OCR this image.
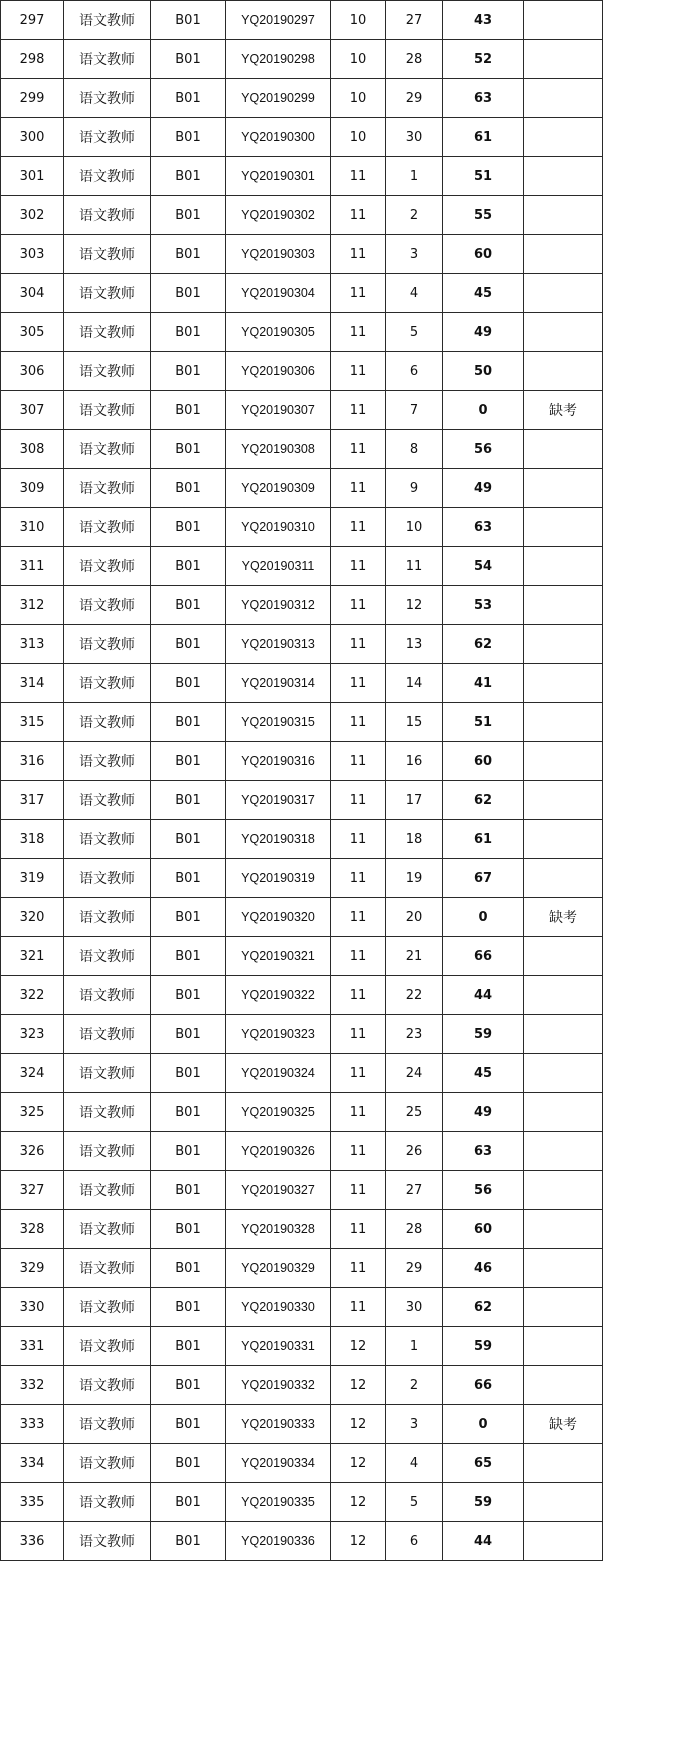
297	语文教师	B01	YQ20190297	10	27	43	
298	语文教师	B01	YQ20190298	10	28	52	
299	语文教师	B01	YQ20190299	10	29	63	
300	语文教师	B01	YQ20190300	10	30	61	
301	语文教师	B01	YQ20190301	11	1	51	
302	语文教师	B01	YQ20190302	11	2	55	
303	语文教师	B01	YQ20190303	11	3	60	
304	语文教师	B01	YQ20190304	11	4	45	
305	语文教师	B01	YQ20190305	11	5	49	
306	语文教师	B01	YQ20190306	11	6	50	
307	语文教师	B01	YQ20190307	11	7	0	缺考
308	语文教师	B01	YQ20190308	11	8	56	
309	语文教师	B01	YQ20190309	11	9	49	
310	语文教师	B01	YQ20190310	11	10	63	
311	语文教师	B01	YQ20190311	11	11	54	
312	语文教师	B01	YQ20190312	11	12	53	
313	语文教师	B01	YQ20190313	11	13	62	
314	语文教师	B01	YQ20190314	11	14	41	
315	语文教师	B01	YQ20190315	11	15	51	
316	语文教师	B01	YQ20190316	11	16	60	
317	语文教师	B01	YQ20190317	11	17	62	
318	语文教师	B01	YQ20190318	11	18	61	
319	语文教师	B01	YQ20190319	11	19	67	
320	语文教师	B01	YQ20190320	11	20	0	缺考
321	语文教师	B01	YQ20190321	11	21	66	
322	语文教师	B01	YQ20190322	11	22	44	
323	语文教师	B01	YQ20190323	11	23	59	
324	语文教师	B01	YQ20190324	11	24	45	
325	语文教师	B01	YQ20190325	11	25	49	
326	语文教师	B01	YQ20190326	11	26	63	
327	语文教师	B01	YQ20190327	11	27	56	
328	语文教师	B01	YQ20190328	11	28	60	
329	语文教师	B01	YQ20190329	11	29	46	
330	语文教师	B01	YQ20190330	11	30	62	
331	语文教师	B01	YQ20190331	12	1	59	
332	语文教师	B01	YQ20190332	12	2	66	
333	语文教师	B01	YQ20190333	12	3	0	缺考
334	语文教师	B01	YQ20190334	12	4	65	
335	语文教师	B01	YQ20190335	12	5	59	
336	语文教师	B01	YQ20190336	12	6	44	
